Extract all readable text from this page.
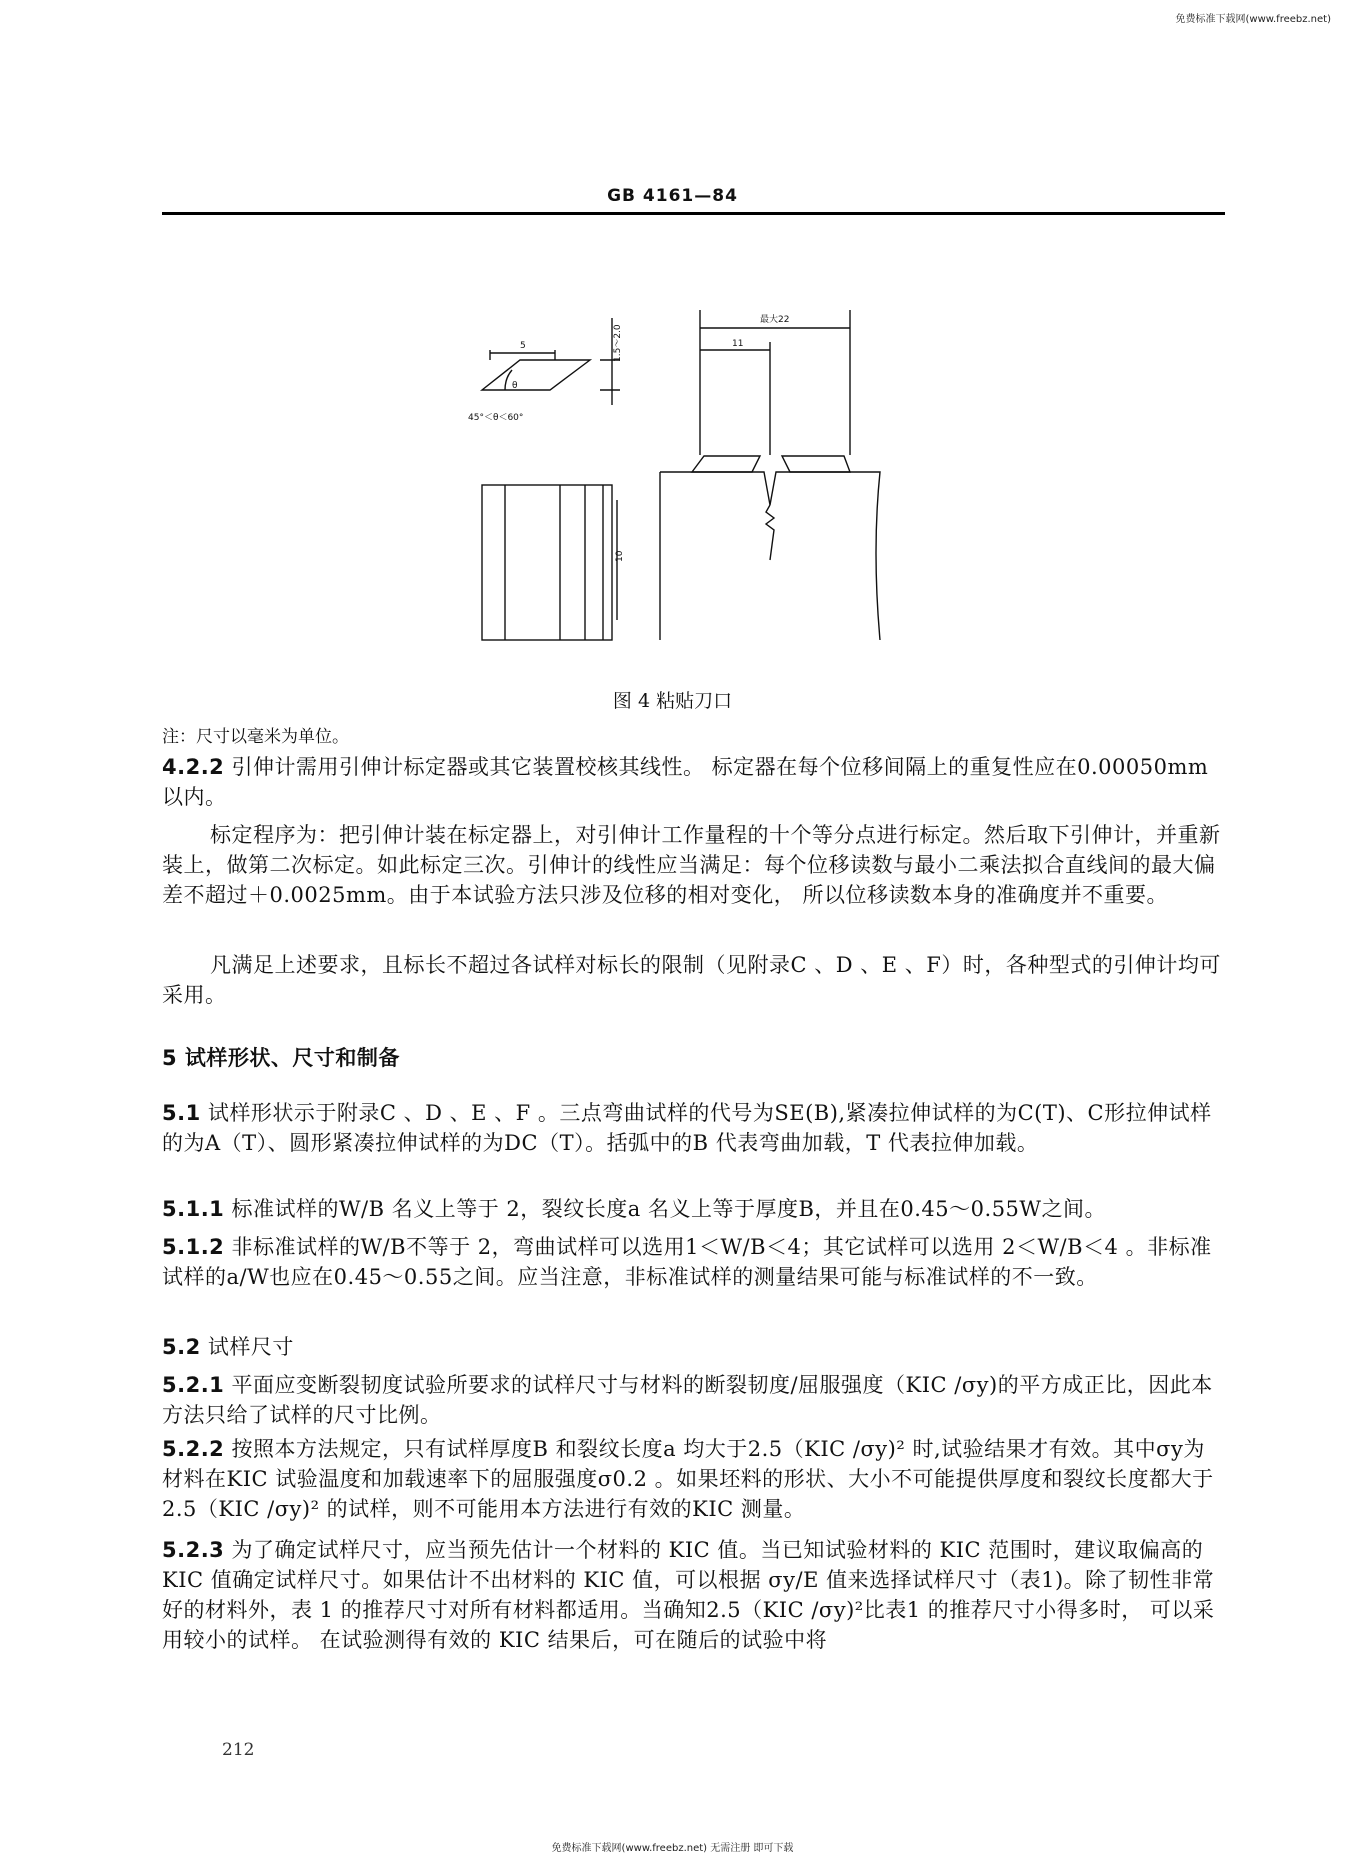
免费标准下载网(www.freebz.net)
免费标准下载网(www.freebz.net) 无需注册 即可下载
GB 4161—84
5	1.5～2.0
θ
45°＜θ＜60°
10
最大22
11
图 4 粘贴刀口
注：尺寸以毫米为单位。
4.2.2 引伸计需用引伸计标定器或其它装置校核其线性。 标定器在每个位移间隔上的重复性应在0.00050mm以内。
标定程序为：把引伸计装在标定器上，对引伸计工作量程的十个等分点进行标定。然后取下引伸计，并重新装上，做第二次标定。如此标定三次。引伸计的线性应当满足：每个位移读数与最小二乘法拟合直线间的最大偏差不超过＋0.0025mm。由于本试验方法只涉及位移的相对变化， 所以位移读数本身的准确度并不重要。
凡满足上述要求，且标长不超过各试样对标长的限制（见附录C 、D 、E 、F）时，各种型式的引伸计均可采用。
5 试样形状、尺寸和制备
5.1 试样形状示于附录C 、D 、E 、F 。三点弯曲试样的代号为SE(B),紧凑拉伸试样的为C(T)、C形拉伸试样的为A（T）、圆形紧凑拉伸试样的为DC（T）。括弧中的B 代表弯曲加载，T 代表拉伸加载。
5.1.1 标准试样的W/B 名义上等于 2，裂纹长度a 名义上等于厚度B，并且在0.45～0.55W之间。
5.1.2 非标准试样的W/B不等于 2，弯曲试样可以选用1＜W/B＜4；其它试样可以选用 2＜W/B＜4 。非标准试样的a/W也应在0.45～0.55之间。应当注意，非标准试样的测量结果可能与标准试样的不一致。
5.2 试样尺寸
5.2.1 平面应变断裂韧度试验所要求的试样尺寸与材料的断裂韧度/屈服强度（KIC /σy)的平方成正比，因此本方法只给了试样的尺寸比例。
5.2.2 按照本方法规定，只有试样厚度B 和裂纹长度a 均大于2.5（KIC /σy)² 时,试验结果才有效。其中σy为材料在KIC 试验温度和加载速率下的屈服强度σ0.2 。如果坯料的形状、大小不可能提供厚度和裂纹长度都大于2.5（KIC /σy)² 的试样，则不可能用本方法进行有效的KIC 测量。
5.2.3 为了确定试样尺寸，应当预先估计一个材料的 KIC 值。当已知试验材料的 KIC 范围时，建议取偏高的 KIC 值确定试样尺寸。如果估计不出材料的 KIC 值，可以根据 σy/E 值来选择试样尺寸（表1)。除了韧性非常好的材料外，表 1 的推荐尺寸对所有材料都适用。当确知2.5（KIC /σy)²比表1 的推荐尺寸小得多时， 可以采用较小的试样。 在试验测得有效的 KIC 结果后，可在随后的试验中将
212
